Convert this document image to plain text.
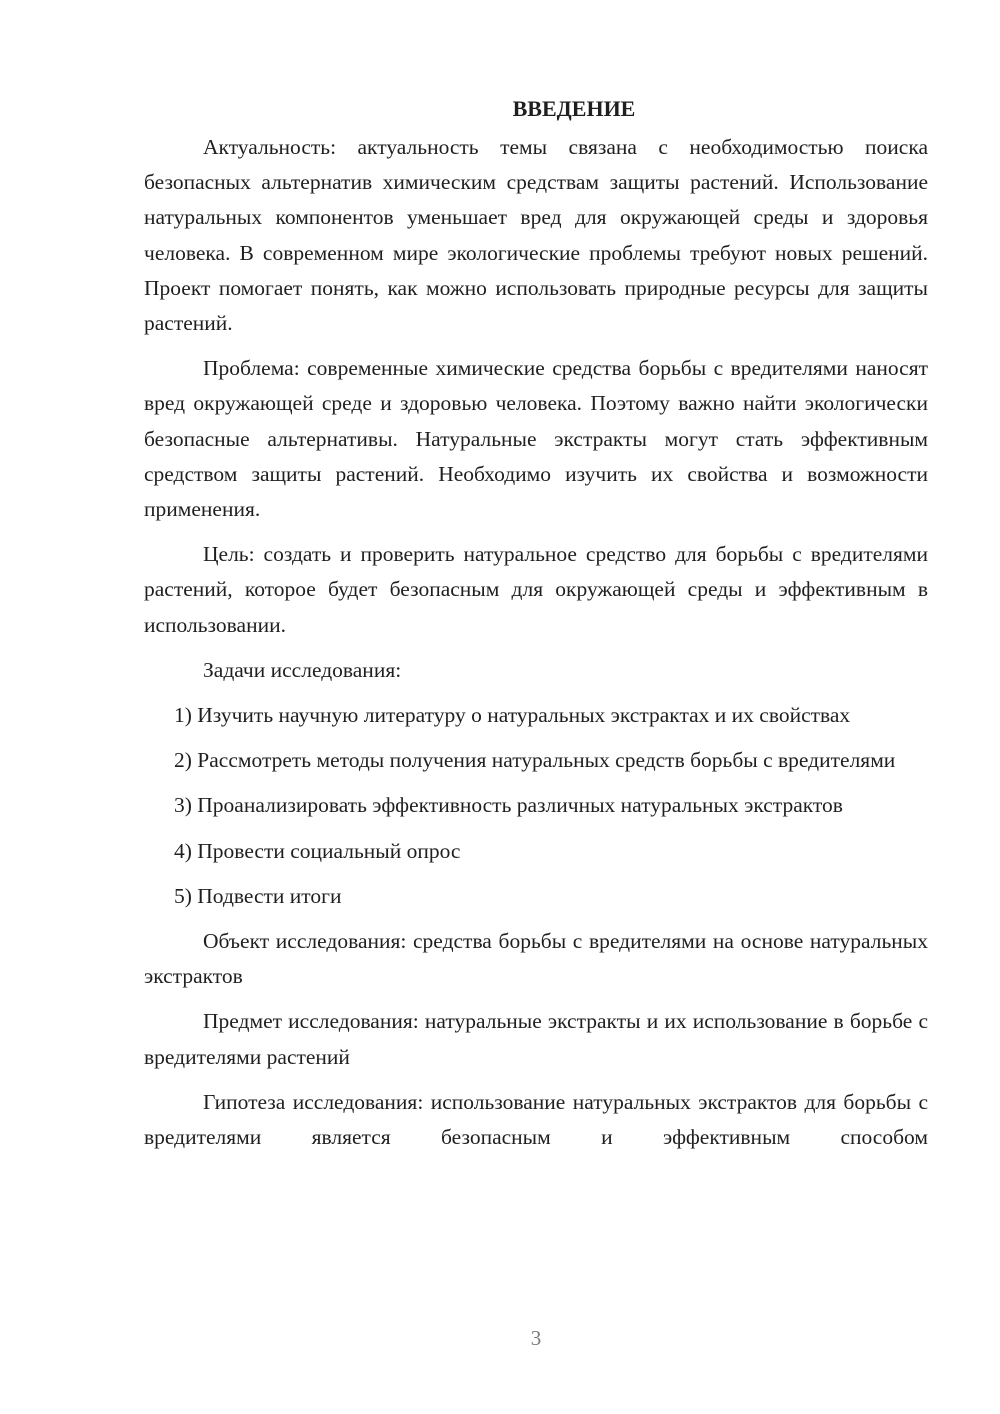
ВВЕДЕНИЕ

Актуальность: актуальность темы связана с необходимостью поиска безопасных альтернатив химическим средствам защиты растений. Использование натуральных компонентов уменьшает вред для окружающей среды и здоровья человека. В современном мире экологические проблемы требуют новых решений. Проект помогает понять, как можно использовать природные ресурсы для защиты растений.

Проблема: современные химические средства борьбы с вредителями наносят вред окружающей среде и здоровью человека. Поэтому важно найти экологически безопасные альтернативы. Натуральные экстракты могут стать эффективным средством защиты растений. Необходимо изучить их свойства и возможности применения.

Цель: создать и проверить натуральное средство для борьбы с вредителями растений, которое будет безопасным для окружающей среды и эффективным в использовании.

Задачи исследования:

1) Изучить научную литературу о натуральных экстрактах и их свойствах

2) Рассмотреть методы получения натуральных средств борьбы с вредителями

3) Проанализировать эффективность различных натуральных экстрактов

4) Провести социальный опрос

5) Подвести итоги

Объект исследования: средства борьбы с вредителями на основе натуральных экстрактов

Предмет исследования: натуральные экстракты и их использование в борьбе с вредителями растений

Гипотеза исследования: использование натуральных экстрактов для борьбы с вредителями является безопасным и эффективным способом

3
